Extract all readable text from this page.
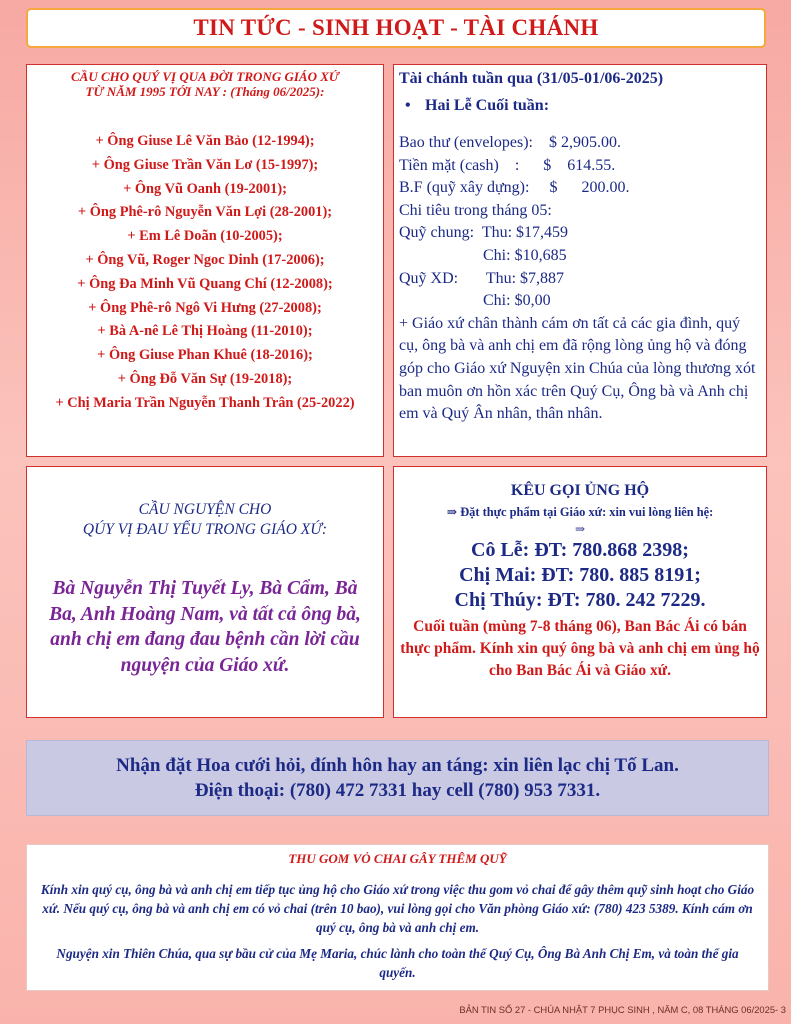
TIN TỨC - SINH HOẠT - TÀI CHÁNH
CẦU CHO QUÝ VỊ QUA ĐỜI TRONG GIÁO XỨ
TỪ NĂM 1995 TỚI NAY : (Tháng 06/2025):
+ Ông Giuse Lê Văn Bảo (12-1994);
+ Ông Giuse Trần Văn Lơ (15-1997);
+ Ông Vũ Oanh (19-2001);
+ Ông Phê-rô Nguyễn Văn Lợi (28-2001);
+ Em Lê Doãn (10-2005);
+ Ông Vũ, Roger Ngoc Dinh (17-2006);
+ Ông Đa Minh Vũ Quang Chí (12-2008);
+ Ông Phê-rô Ngô Vi Hưng (27-2008);
+ Bà A-nê Lê Thị Hoàng (11-2010);
+ Ông Giuse Phan Khuê (18-2016);
+ Ông Đỗ Văn Sự (19-2018);
+ Chị Maria Trần Nguyễn Thanh Trân (25-2022)
Tài chánh tuần qua (31/05-01/06-2025)
• Hai Lễ Cuối tuần:
Bao thư (envelopes):    $ 2,905.00.
Tiền mặt (cash)    :      $    614.55.
B.F (quỹ xây dựng):     $      200.00.
Chi tiêu trong tháng 05:
Quỹ chung:  Thu: $17,459
Chi: $10,685
Quỹ XD:       Thu: $7,887
Chi: $0,00
+ Giáo xứ chân thành cám ơn tất cả các gia đình, quý cụ, ông bà và anh chị em đã rộng lòng ủng hộ và đóng góp cho Giáo xứ Nguyện xin Chúa của lòng thương xót ban muôn ơn hồn xác trên Quý Cụ, Ông bà và Anh chị em và Quý Ân nhân, thân nhân.
CẦU NGUYỆN CHO
QÚY VỊ ĐAU YẾU TRONG GIÁO XỨ:
Bà Nguyễn Thị Tuyết Ly, Bà Cẩm, Bà Ba, Anh Hoàng Nam, và tất cả ông bà, anh chị em đang đau bệnh cần lời cầu nguyện của Giáo xứ.
KÊU GỌI ỦNG HỘ
⇒ Đặt thực phẩm tại Giáo xứ: xin vui lòng liên hệ:
⇒
Cô Lễ: ĐT: 780.868 2398;
Chị Mai: ĐT: 780. 885 8191;
Chị Thúy: ĐT: 780. 242 7229.
Cuối tuần (mùng 7-8 tháng 06), Ban Bác Ái có bán thực phẩm. Kính xin quý ông bà và anh chị em ủng hộ cho Ban Bác Ái và Giáo xứ.
Nhận đặt Hoa cưới hỏi, đính hôn hay an táng: xin liên lạc chị Tố Lan.
Điện thoại: (780) 472 7331 hay cell (780) 953 7331.
THU GOM VỎ CHAI GÂY THÊM QUỸ
Kính xin quý cụ, ông bà và anh chị em tiếp tục ủng hộ cho Giáo xứ trong việc thu gom vỏ chai để gây thêm quỹ sinh hoạt cho Giáo xứ. Nếu quý cụ, ông bà và anh chị em có vỏ chai (trên 10 bao), vui lòng gọi cho Văn phòng Giáo xứ: (780) 423 5389. Kính cám ơn quý cụ, ông bà và anh chị em.
Nguyện xin Thiên Chúa, qua sự bầu cử của Mẹ Maria, chúc lành cho toàn thể Quý Cụ, Ông Bà Anh Chị Em, và toàn thể gia quyến.
BẢN TIN SỐ 27 - CHÚA NHẬT 7 PHỤC SINH , NĂM C, 08 THÁNG 06/2025- 3
